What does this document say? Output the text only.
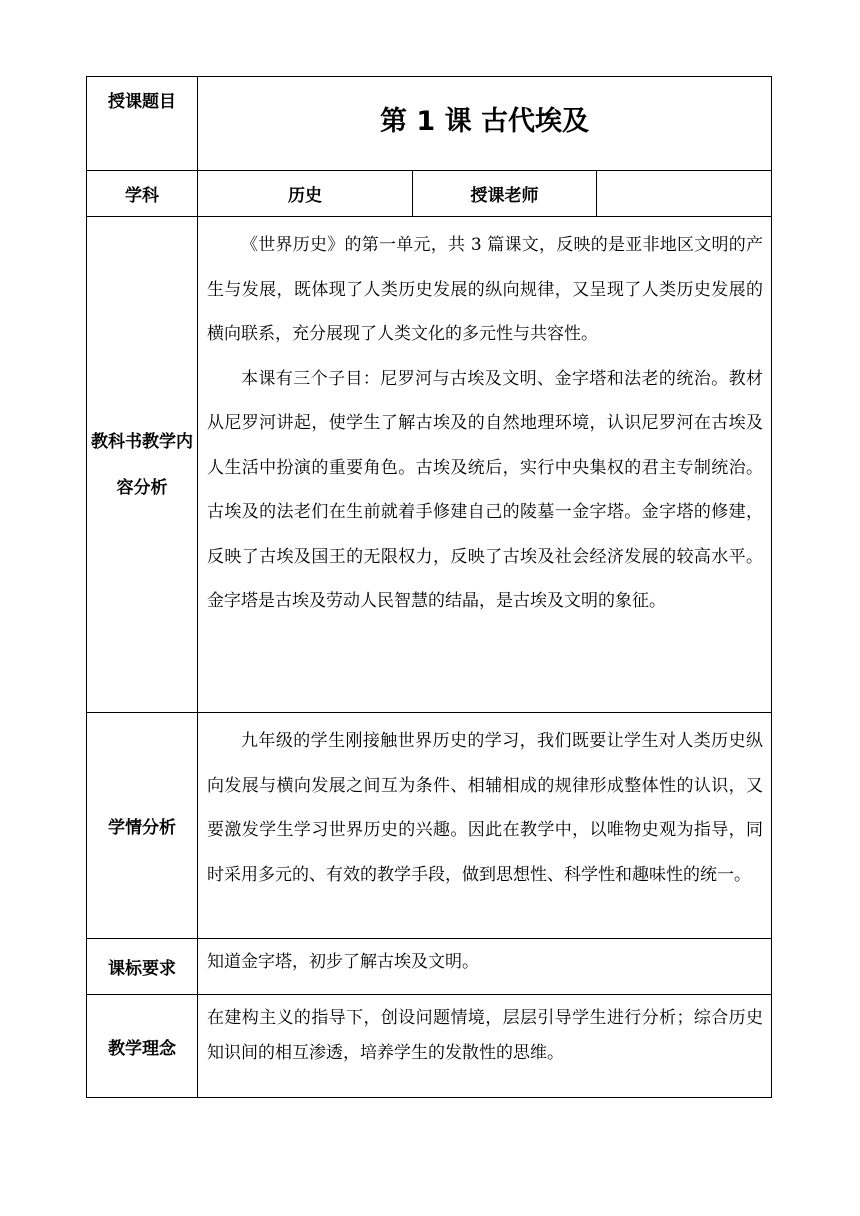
授课题目	第 1 课 古代埃及		
学科	历史	授课老师	
教科书教学内容分析	《世界历史》的第一单元，共 3 篇课文，反映的是亚非地区文明的产生与发展，既体现了人类历史发展的纵向规律，又呈现了人类历史发展的横向联系，充分展现了人类文化的多元性与共容性。

本课有三个子目：尼罗河与古埃及文明、金字塔和法老的统治。教材从尼罗河讲起，使学生了解古埃及的自然地理环境，认识尼罗河在古埃及人生活中扮演的重要角色。古埃及统后，实行中央集权的君主专制统治。古埃及的法老们在生前就着手修建自己的陵墓一金字塔。金字塔的修建，反映了古埃及国王的无限权力，反映了古埃及社会经济发展的较高水平。金字塔是古埃及劳动人民智慧的结晶，是古埃及文明的象征。		

学情分析	九年级的学生刚接触世界历史的学习，我们既要让学生对人类历史纵向发展与横向发展之间互为条件、相辅相成的规律形成整体性的认识，又要激发学生学习世界历史的兴趣。因此在教学中，以唯物史观为指导，同时采用多元的、有效的教学手段，做到思想性、科学性和趣味性的统一。		

课标要求	知道金字塔，初步了解古埃及文明。		

教学理念	在建构主义的指导下，创设问题情境，层层引导学生进行分析；综合历史知识间的相互渗透，培养学生的发散性的思维。		
